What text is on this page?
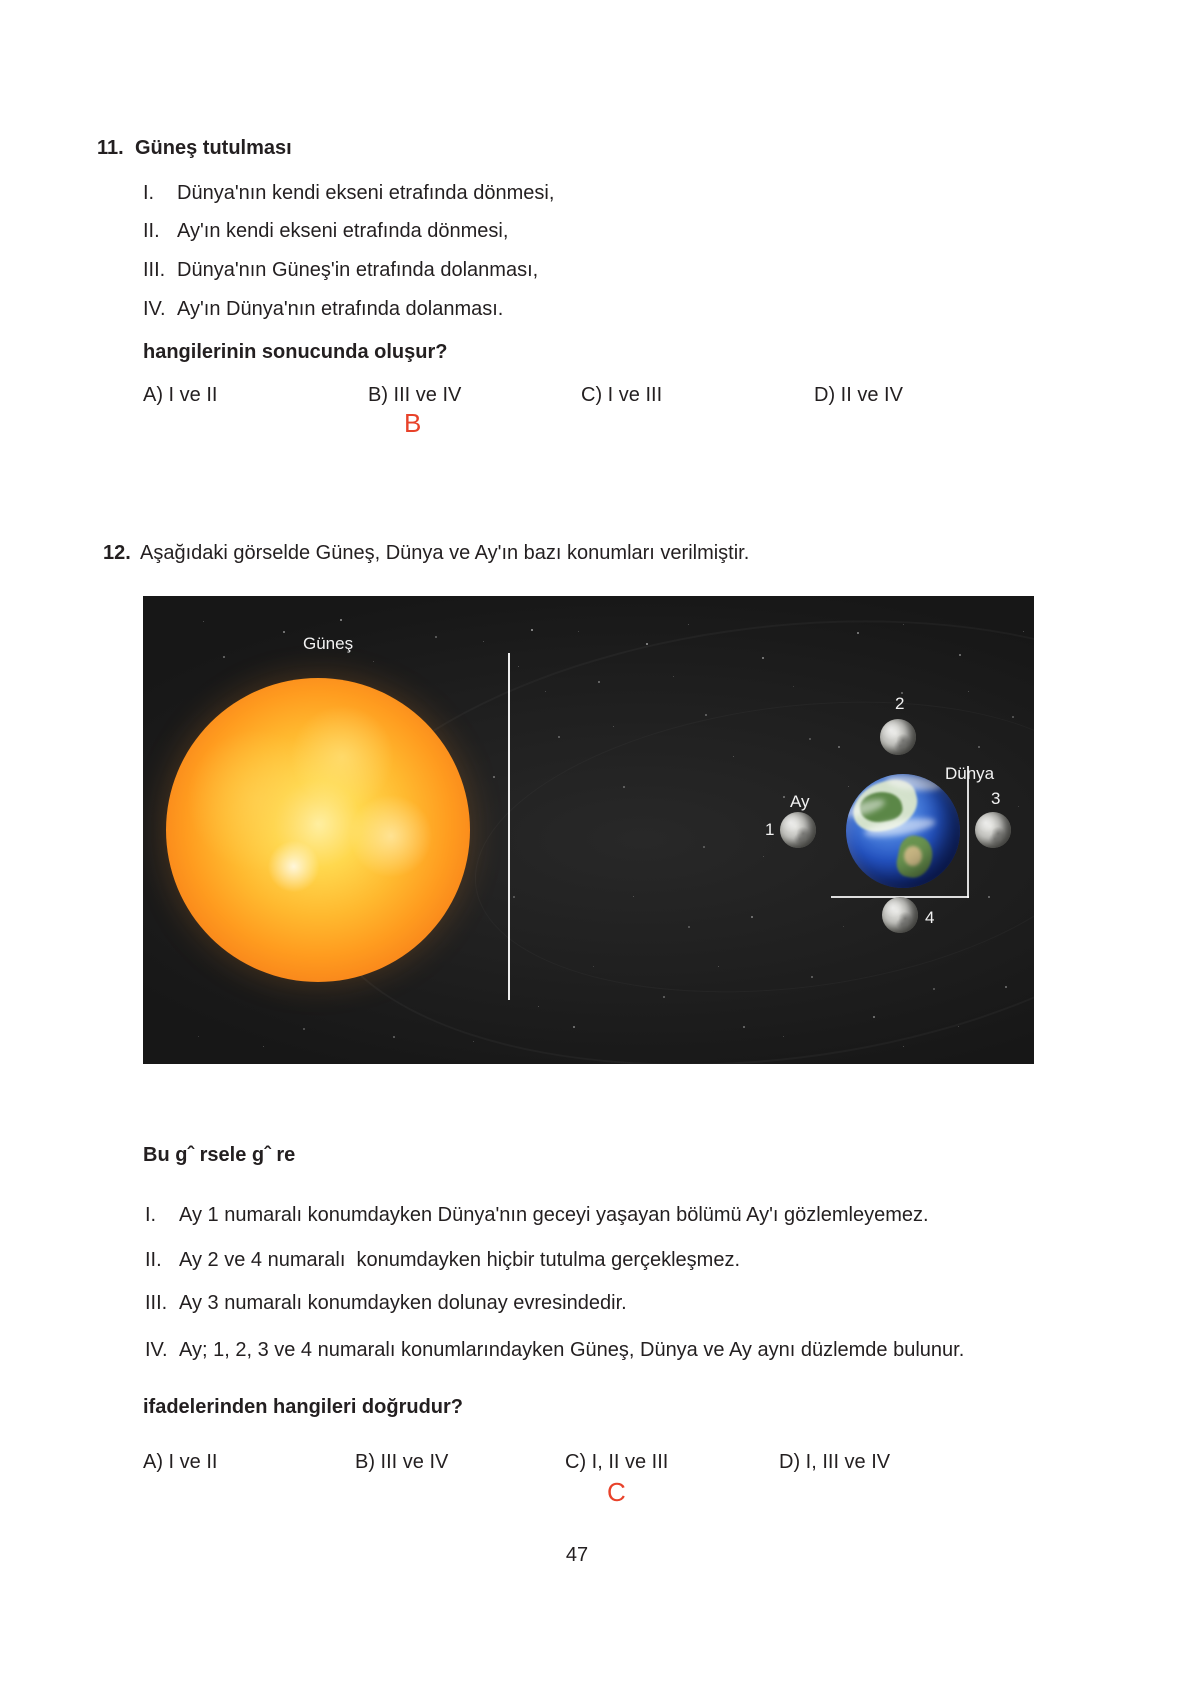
11. Güneş tutulması
I.	Dünya'nın kendi ekseni etrafında dönmesi,
II. Ay'ın kendi ekseni etrafında dönmesi,
III. Dünya'nın Güneş'in etrafında dolanması,
IV. Ay'ın Dünya'nın etrafında dolanması.
hangilerinin sonucunda oluşur?
A) I ve II	B) III ve IV	C) I ve III	D) II ve IV
B
12. Aşağıdaki görselde Güneş, Dünya ve Ay'ın bazı konumları verilmiştir.
Güneş
Dünya
Ay
1
2
3
4
Bu gˆ rsele gˆ re
I.	Ay 1 numaralı konumdayken Dünya'nın geceyi yaşayan bölümü Ay'ı gözlemleyemez.
II. Ay 2 ve 4 numaralı  konumdayken hiçbir tutulma gerçekleşmez.
III. Ay 3 numaralı konumdayken dolunay evresindedir.
IV. Ay; 1, 2, 3 ve 4 numaralı konumlarındayken Güneş, Dünya ve Ay aynı düzlemde bulunur.
ifadelerinden hangileri doğrudur?
A) I ve II	B) III ve IV	C) I, II ve III	D) I, III ve IV
C
47
